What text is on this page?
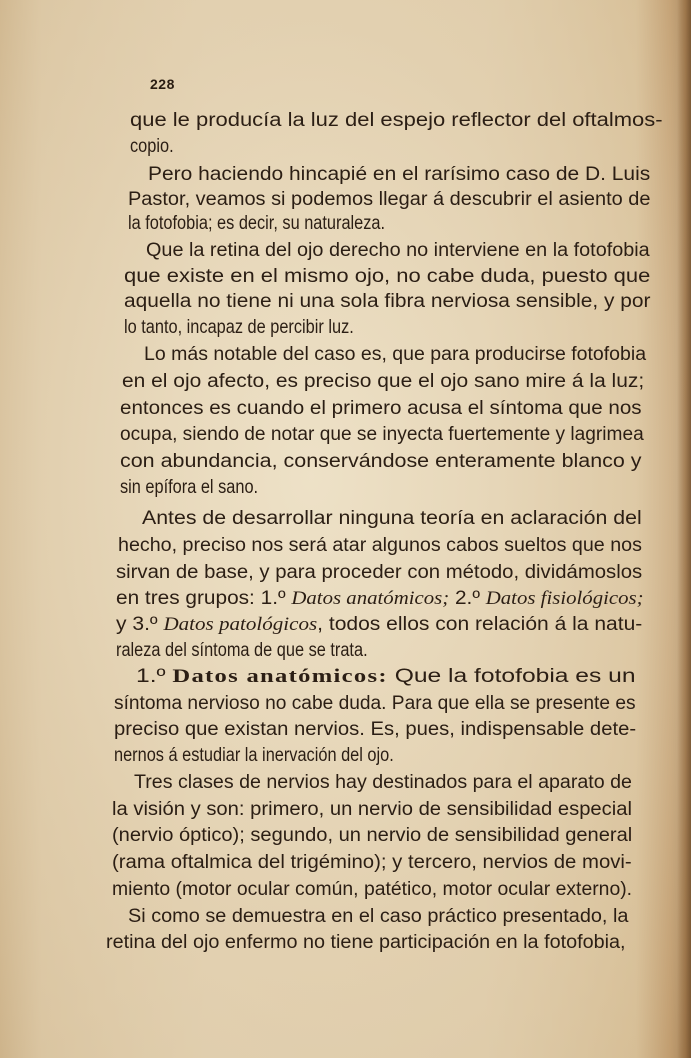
228
que le producía la luz del espejo reflector del oftalmos-
copio.
Pero haciendo hincapié en el rarísimo caso de D. Luis
Pastor, veamos si podemos llegar á descubrir el asiento de
la fotofobia; es decir, su naturaleza.
Que la retina del ojo derecho no interviene en la fotofobia
que existe en el mismo ojo, no cabe duda, puesto que
aquella no tiene ni una sola fibra nerviosa sensible, y por
lo tanto, incapaz de percibir luz.
Lo más notable del caso es, que para producirse fotofobia
en el ojo afecto, es preciso que el ojo sano mire á la luz;
entonces es cuando el primero acusa el síntoma que nos
ocupa, siendo de notar que se inyecta fuertemente y lagrimea
con abundancia, conservándose enteramente blanco y
sin epífora el sano.
Antes de desarrollar ninguna teoría en aclaración del
hecho, preciso nos será atar algunos cabos sueltos que nos
sirvan de base, y para proceder con método, dividámoslos
en tres grupos: 1.º Datos anatómicos; 2.º Datos fisiológicos;
y 3.º Datos patológicos, todos ellos con relación á la natu-
raleza del síntoma de que se trata.
1.º Datos anatómicos: Que la fotofobia es un
síntoma nervioso no cabe duda. Para que ella se presente es
preciso que existan nervios. Es, pues, indispensable dete-
nernos á estudiar la inervación del ojo.
Tres clases de nervios hay destinados para el aparato de
la visión y son: primero, un nervio de sensibilidad especial
(nervio óptico); segundo, un nervio de sensibilidad general
(rama oftalmica del trigémino); y tercero, nervios de movi-
miento (motor ocular común, patético, motor ocular externo).
Si como se demuestra en el caso práctico presentado, la
retina del ojo enfermo no tiene participación en la fotofobia,
